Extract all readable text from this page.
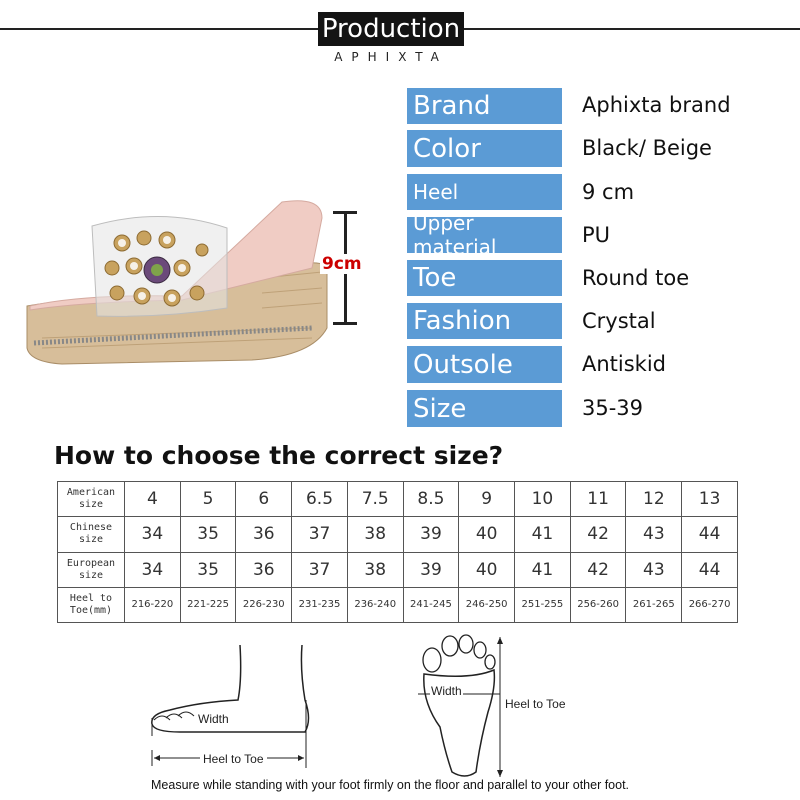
Production
APHIXTA
9cm
Brand	Aphixta brand
Color	Black/ Beige
Heel	9 cm
Upper material	PU
Toe	Round toe
Fashion	Crystal
Outsole	Antiskid
Size	35-39
How to choose the correct size?
American
size	4	5	6	6.5	7.5	8.5	9	10	11	12	13
Chinese
size	34	35	36	37	38	39	40	41	42	43	44
European
size	34	35	36	37	38	39	40	41	42	43	44
Heel to
Toe(mm)	216-220	221-225	226-230	231-235	236-240	241-245	246-250	251-255	256-260	261-265	266-270
Width
Heel to Toe
Width
Heel to Toe
Measure while standing with your foot firmly on the floor and parallel to your other foot.
